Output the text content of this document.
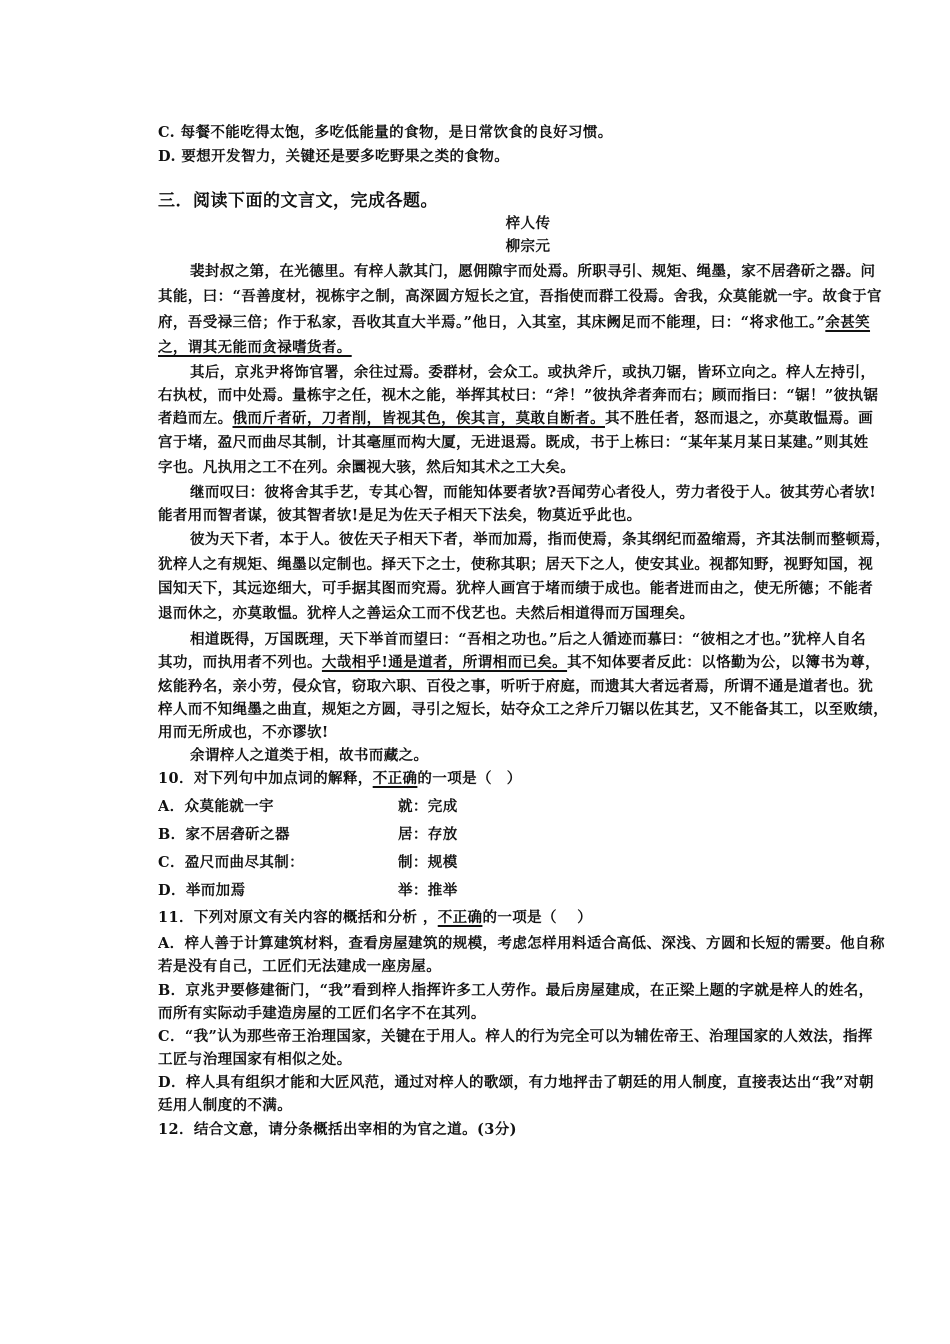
C. 每餐不能吃得太饱，多吃低能量的食物，是日常饮食的良好习惯。
D. 要想开发智力，关键还是要多吃野果之类的食物。
三．阅读下面的文言文，完成各题。
梓人传
柳宗元
裴封叔之第，在光德里。有梓人款其门，愿佣隙宇而处焉。所职寻引、规矩、绳墨，家不居砻斫之器。问
其能，曰：“吾善度材，视栋宇之制，高深圆方短长之宜，吾指使而群工役焉。舍我，众莫能就一宇。故食于官
府，吾受禄三倍；作于私家，吾收其直大半焉。”他日，入其室，其床阙足而不能理，曰：“将求他工。”余甚笑
之，谓其无能而贪禄嗜货者。
其后，京兆尹将饰官署，余往过焉。委群材，会众工。或执斧斤，或执刀锯，皆环立向之。梓人左持引，
右执杖，而中处焉。量栋宇之任，视木之能，举挥其杖曰：“斧！”彼执斧者奔而右；顾而指曰：“锯！”彼执锯
者趋而左。俄而斤者斫，刀者削，皆视其色，俟其言，莫敢自断者。其不胜任者，怒而退之，亦莫敢愠焉。画
宫于堵，盈尺而曲尽其制，计其毫厘而构大厦，无进退焉。既成，书于上栋曰：“某年某月某日某建。”则其姓
字也。凡执用之工不在列。余圜视大骇，然后知其术之工大矣。
继而叹曰：彼将舍其手艺，专其心智，而能知体要者欤?吾闻劳心者役人，劳力者役于人。彼其劳心者欤!
能者用而智者谋，彼其智者欤!是足为佐天子相天下法矣，物莫近乎此也。
彼为天下者，本于人。彼佐天子相天下者，举而加焉，指而使焉，条其纲纪而盈缩焉，齐其法制而整顿焉，
犹梓人之有规矩、绳墨以定制也。择天下之士，使称其职；居天下之人，使安其业。视都知野，视野知国，视
国知天下，其远迩细大，可手据其图而究焉。犹梓人画宫于堵而绩于成也。能者进而由之，使无所德；不能者
退而休之，亦莫敢愠。犹梓人之善运众工而不伐艺也。夫然后相道得而万国理矣。
相道既得，万国既理，天下举首而望曰：“吾相之功也。”后之人循迹而慕曰：“彼相之才也。”犹梓人自名
其功，而执用者不列也。大哉相乎!通是道者，所谓相而已矣。其不知体要者反此：以恪勤为公，以簿书为尊，
炫能矜名，亲小劳，侵众官，窃取六职、百役之事，听听于府庭，而遗其大者远者焉，所谓不通是道者也。犹
梓人而不知绳墨之曲直，规矩之方圆，寻引之短长，姑夺众工之斧斤刀锯以佐其艺，又不能备其工，以至败绩，
用而无所成也，不亦谬欤!
余谓梓人之道类于相，故书而藏之。
10．对下列句中加点词的解释，不正确的一项是（　）
A．众莫能就一宇	就：完成
B．家不居砻斫之器	居：存放
C．盈尺而曲尽其制：	制：规模
D．举而加焉	举：推举
11．下列对原文有关内容的概括和分析 ，不正确的一项是（　 ）
A．梓人善于计算建筑材料，查看房屋建筑的规模，考虑怎样用料适合高低、深浅、方圆和长短的需要。他自称
若是没有自己，工匠们无法建成一座房屋。
B．京兆尹要修建衙门，“我”看到梓人指挥许多工人劳作。最后房屋建成，在正梁上题的字就是梓人的姓名，
而所有实际动手建造房屋的工匠们名字不在其列。
C．“我”认为那些帝王治理国家，关键在于用人。梓人的行为完全可以为辅佐帝王、治理国家的人效法，指挥
工匠与治理国家有相似之处。
D．梓人具有组织才能和大匠风范，通过对梓人的歌颂，有力地抨击了朝廷的用人制度，直接表达出“我”对朝
廷用人制度的不满。
12．结合文意，请分条概括出宰相的为官之道。(3分)
